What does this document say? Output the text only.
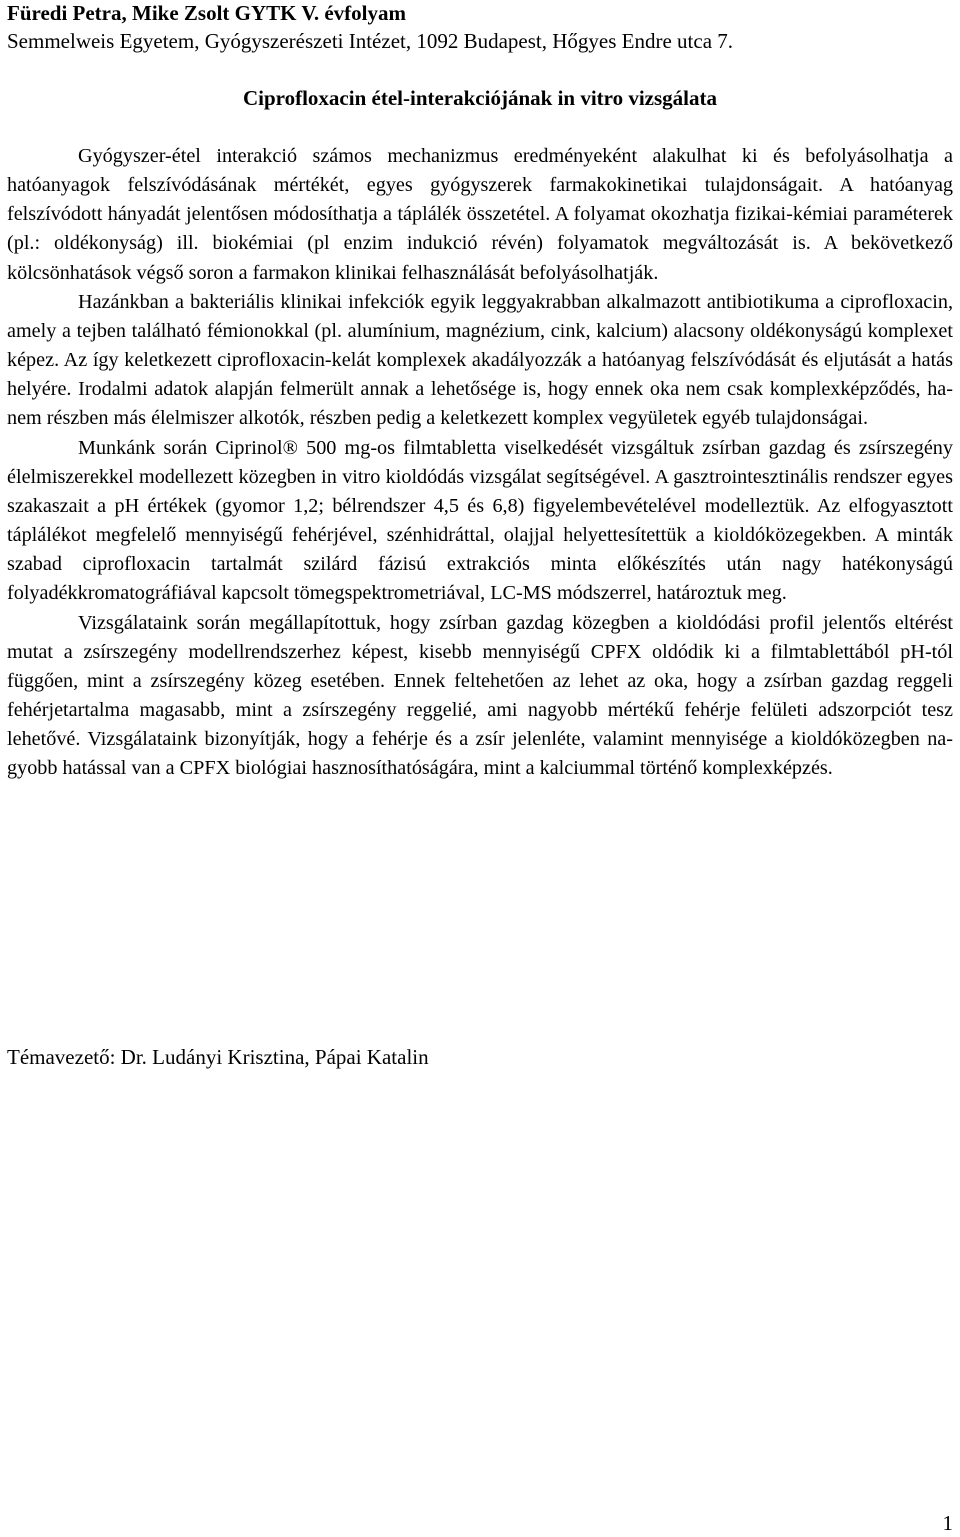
Füredi Petra, Mike Zsolt GYTK V. évfolyam
Semmelweis Egyetem, Gyógyszerészeti Intézet, 1092 Budapest, Hőgyes Endre utca 7.
Ciprofloxacin étel-interakciójának in vitro vizsgálata

Gyógyszer-étel interakció számos mechanizmus eredményeként alakulhat ki és befolyásolhatja a hatóanyagok felszívódásának mértékét, egyes gyógyszerek farmakokinetikai tulajdonságait. A hatóanyag felszívódott hányadát jelentősen módosíthatja a táplálék összetétel. A folyamat okozhatja fizikai-kémiai paraméterek (pl.: oldékonyság) ill. biokémiai (pl enzim indukció révén) folyamatok megváltozását is. A bekövetkező kölcsönhatások végső soron a farmakon klinikai felhasználását befolyásolhatják.

Hazánkban a bakteriális klinikai infekciók egyik leggyakrabban alkalmazott antibiotikuma a ciprofloxacin, amely a tejben található fémionokkal (pl. alumínium, magnézium, cink, kalcium) alacsony oldékonyságú komplexet képez. Az így keletkezett ciprofloxacin-kelát komplexek akadályozzák a hatóanyag felszívódását és eljutását a hatás helyére. Irodalmi adatok alapján felmerült annak a lehetősége is, hogy ennek oka nem csak komplexképződés, hanem részben más élelmiszer alkotók, részben pedig a keletkezett komplex vegyületek egyéb tulajdonságai.

Munkánk során Ciprinol® 500 mg-os filmtabletta viselkedését vizsgáltuk zsírban gazdag és zsírszegény élelmiszerekkel modellezett közegben in vitro kioldódás vizsgálat segítségével. A gasztrointesztinális rendszer egyes szakaszait a pH értékek (gyomor 1,2; bélrendszer 4,5 és 6,8) figyelembevételével modelleztük. Az elfogyasztott táplálékot megfelelő mennyiségű fehérjével, szénhidráttal, olajjal helyettesítettük a kioldóközegekben. A minták szabad ciprofloxacin tartalmát szilárd fázisú extrakciós minta előkészítés után nagy hatékonyságú folyadékkromatográfiával kapcsolt tömegspektrometriával, LC-MS módszerrel, határoztuk meg.

Vizsgálataink során megállapítottuk, hogy zsírban gazdag közegben a kioldódási profil jelentős eltérést mutat a zsírszegény modellrendszerhez képest, kisebb mennyiségű CPFX oldódik ki a filmtablettából pH-tól függően, mint a zsírszegény közeg esetében. Ennek feltehetően az lehet az oka, hogy a zsírban gazdag reggeli fehérjetartalma magasabb, mint a zsírszegény reggelié, ami nagyobb mértékű fehérje felületi adszorpciót tesz lehetővé. Vizsgálataink bizonyítják, hogy a fehérje és a zsír jelenléte, valamint mennyisége a kioldóközegben nagyobb hatással van a CPFX biológiai hasznosíthatóságára, mint a kalciummal történő komplexképzés.

Témavezető: Dr. Ludányi Krisztina, Pápai Katalin
1
